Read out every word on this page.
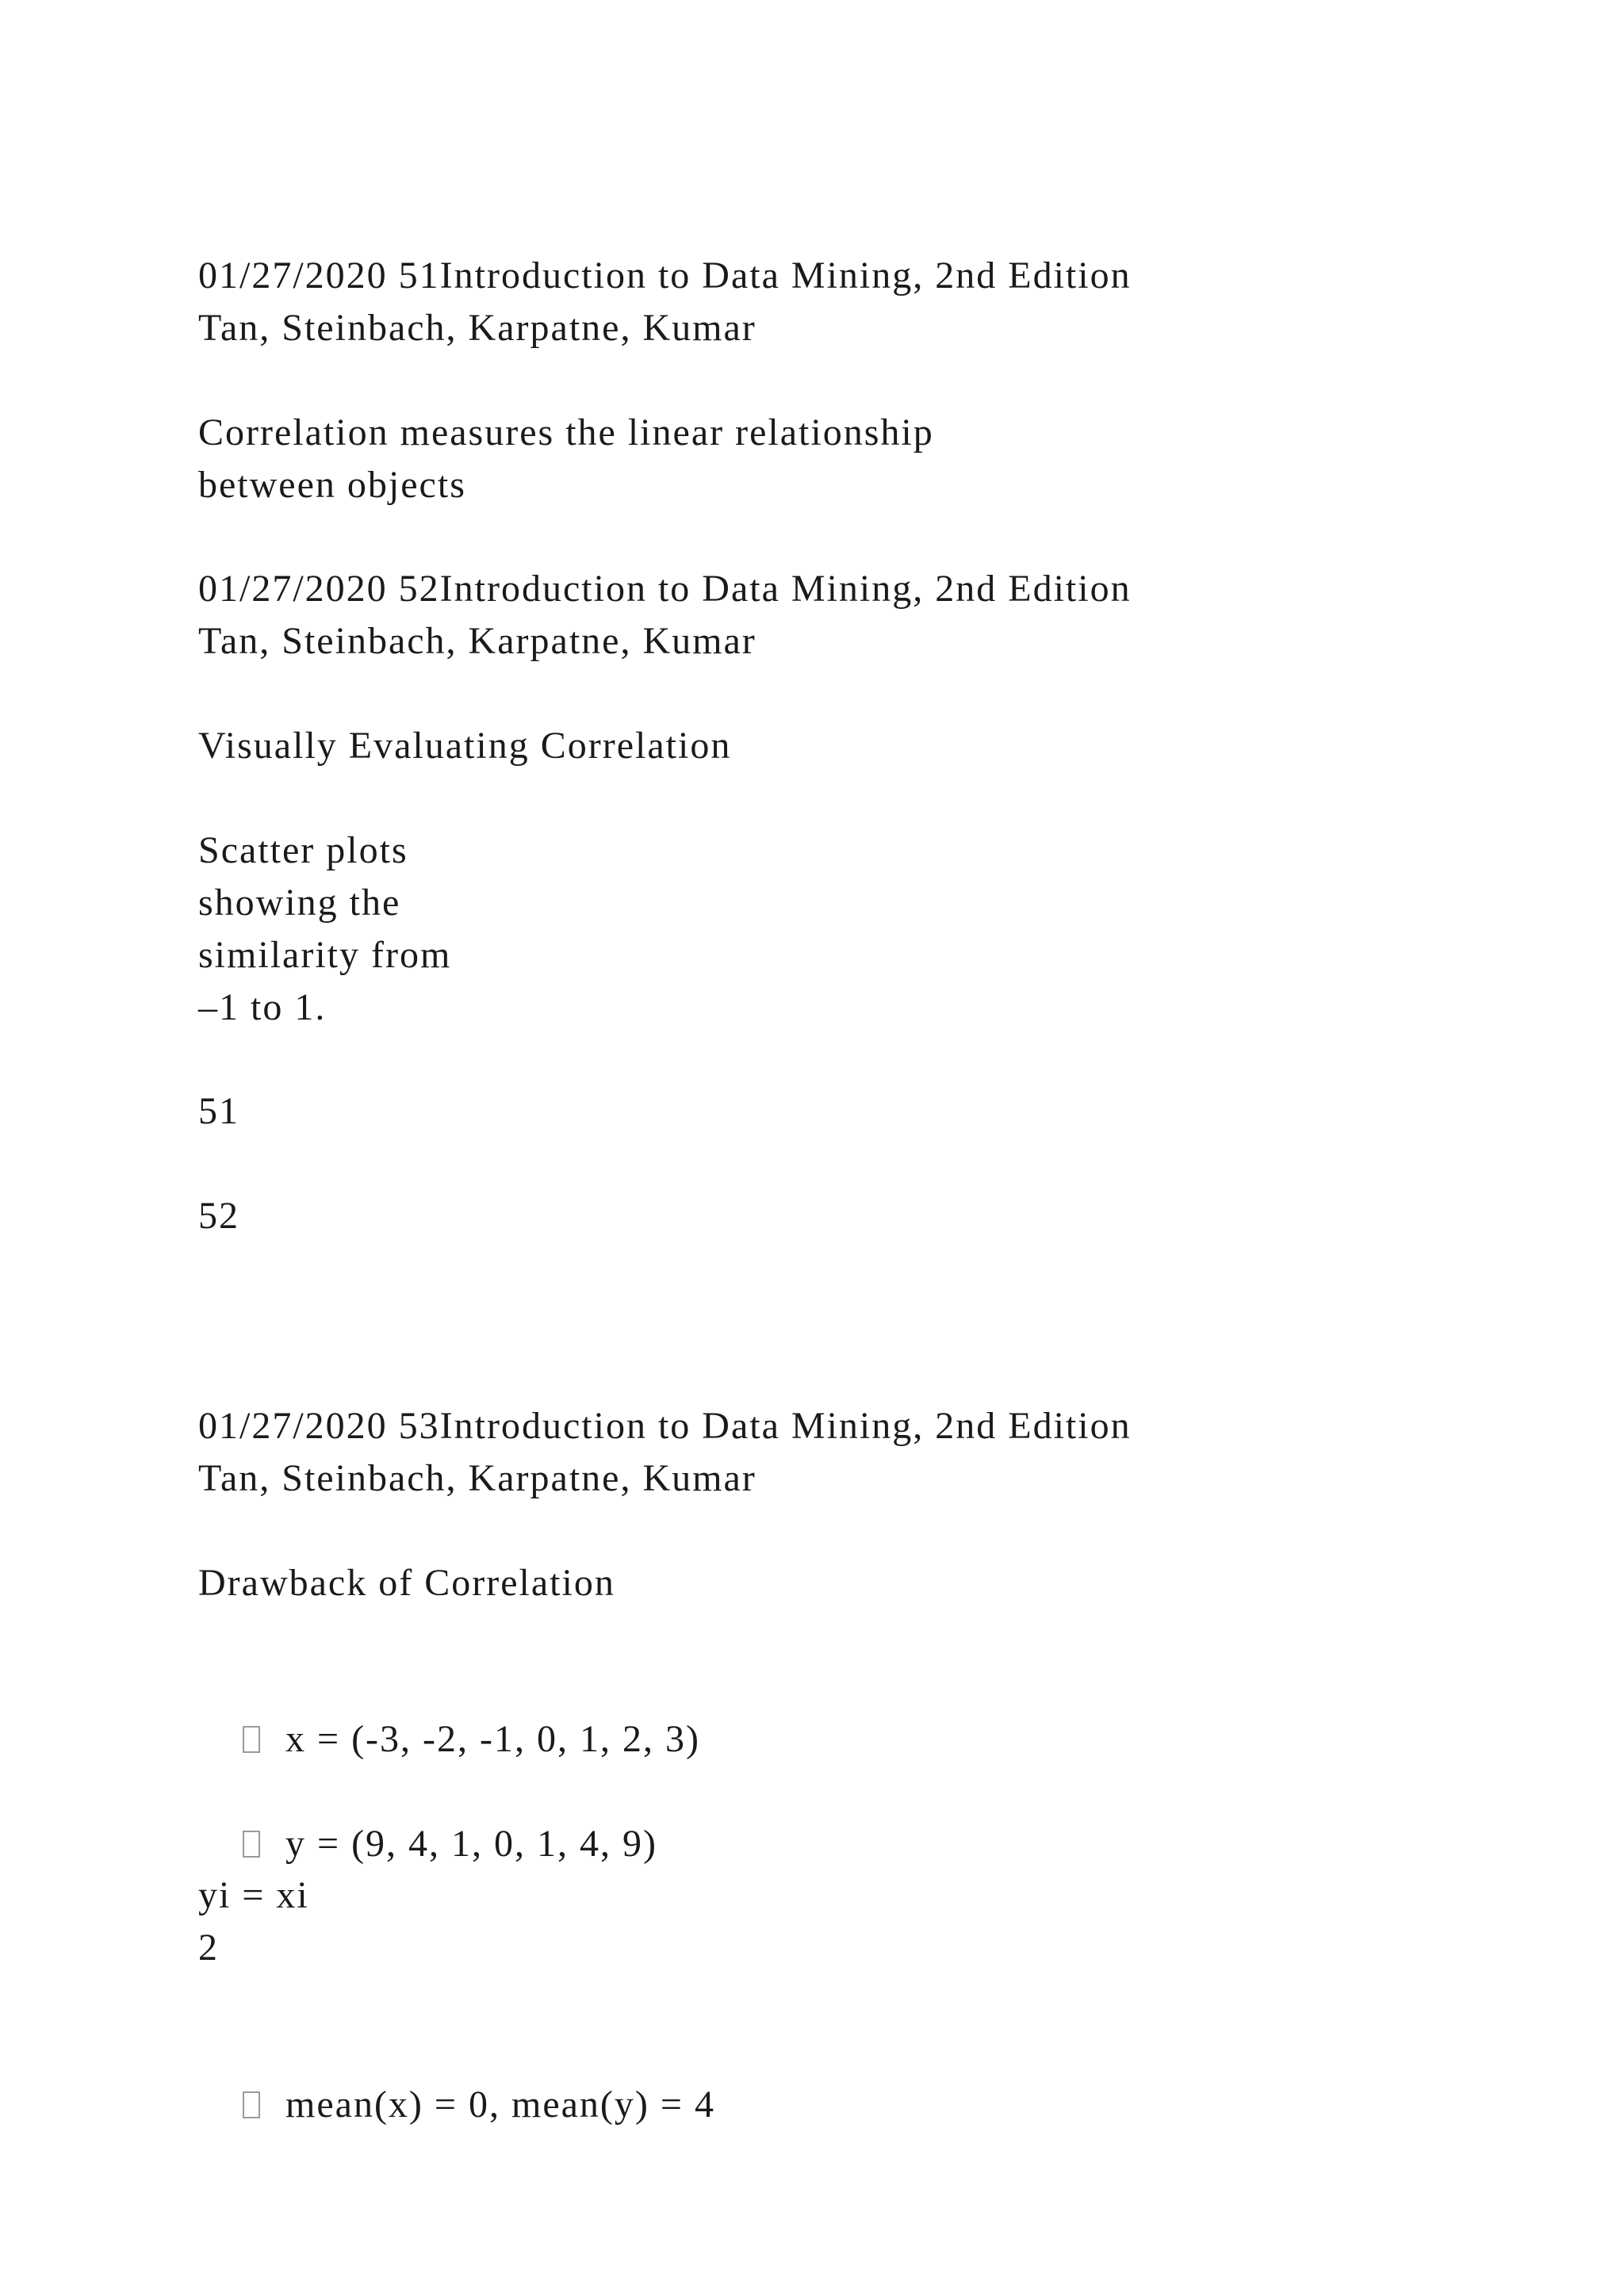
01/27/2020 51Introduction to Data Mining, 2nd Edition
Tan, Steinbach, Karpatne, Kumar
Correlation measures the linear relationship
between objects
01/27/2020 52Introduction to Data Mining, 2nd Edition
Tan, Steinbach, Karpatne, Kumar
Visually Evaluating Correlation
Scatter plots
showing the
similarity from
–1 to 1.
51
52
01/27/2020 53Introduction to Data Mining, 2nd Edition
Tan, Steinbach, Karpatne, Kumar
Drawback of Correlation

x = (-3, -2, -1, 0, 1, 2, 3)

y = (9, 4, 1, 0, 1, 4, 9)

yi = xi
2

mean(x) = 0, mean(y) = 4
